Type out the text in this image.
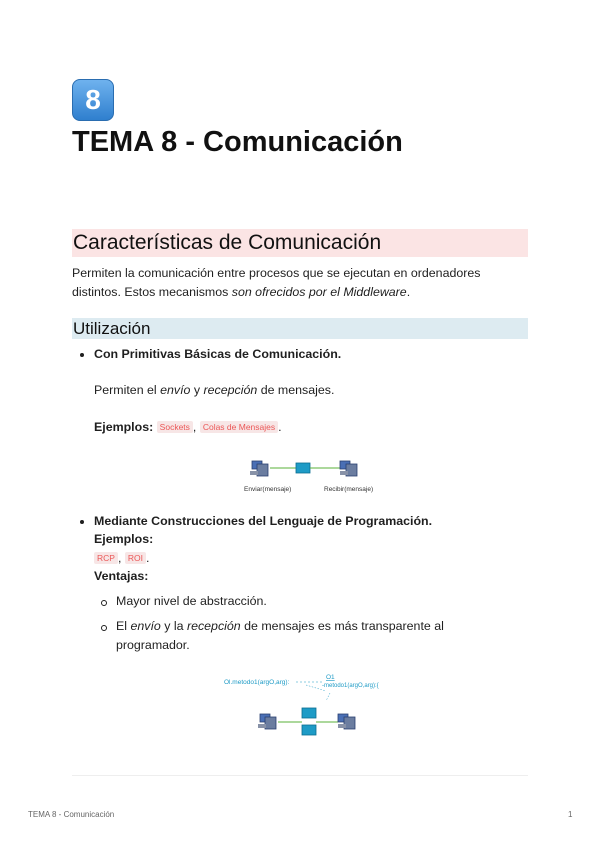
8
TEMA 8 - Comunicación
Características de Comunicación

Permiten la comunicación entre procesos que se ejecutan en ordenadores
distintos. Estos mecanismos son ofrecidos por el Middleware.

Utilización
Con Primitivas Básicas de Comunicación.
Permiten el envío y recepción de mensajes.
Ejemplos: Sockets , Colas de Mensajes .
Enviar(mensaje)	Recibir(mensaje)
Mediante Construcciones del Lenguaje de Programación.
Ejemplos:
RCP , ROI .
Ventajas:
Mayor nivel de abstracción.
El envío y la recepción de mensajes es más transparente al
programador.
Ol.metodo1(argO,arg):
O1
-metodo1(argO,arg):{
TEMA 8 - Comunicación	1
